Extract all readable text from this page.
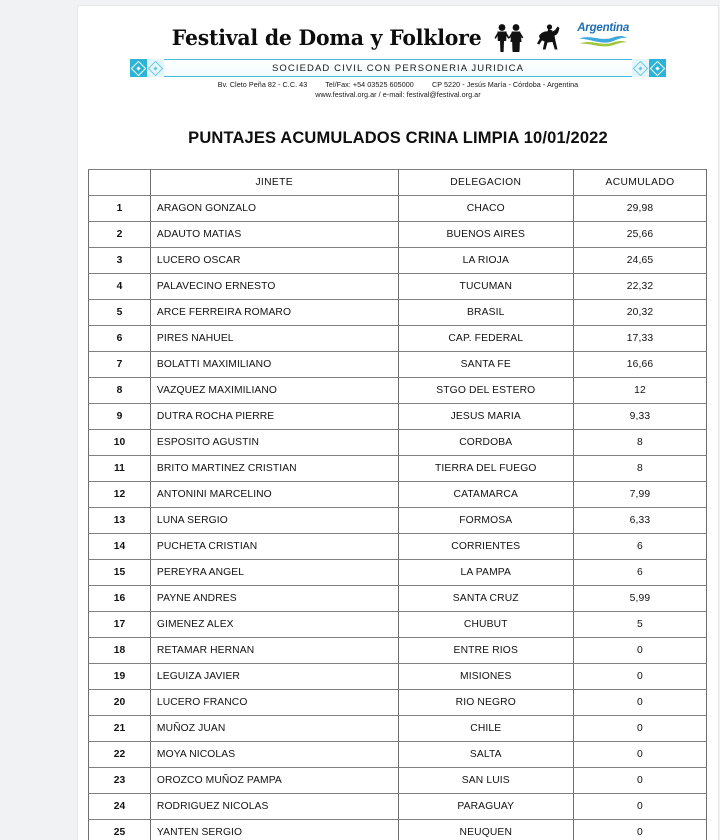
Festival de Doma y Folklore	Argentina
SOCIEDAD CIVIL CON PERSONERIA JURIDICA
Bv. Cleto Peña 82 - C.C. 43 Tel/Fax: +54 03525 605000	CP 5220 - Jesús María - Córdoba - Argentina
www.festival.org.ar / e-mail: festival@festival.org.ar
PUNTAJES ACUMULADOS CRINA LIMPIA 10/01/2022
	JINETE	DELEGACION	ACUMULADO
1	ARAGON GONZALO	CHACO	29,98
2	ADAUTO MATIAS	BUENOS AIRES	25,66
3	LUCERO OSCAR	LA RIOJA	24,65
4	PALAVECINO ERNESTO	TUCUMAN	22,32
5	ARCE FERREIRA ROMARO	BRASIL	20,32
6	PIRES NAHUEL	CAP. FEDERAL	17,33
7	BOLATTI MAXIMILIANO	SANTA FE	16,66
8	VAZQUEZ MAXIMILIANO	STGO DEL ESTERO	12
9	DUTRA ROCHA PIERRE	JESUS MARIA	9,33
10	ESPOSITO AGUSTIN	CORDOBA	8
11	BRITO MARTINEZ CRISTIAN	TIERRA DEL FUEGO	8
12	ANTONINI MARCELINO	CATAMARCA	7,99
13	LUNA SERGIO	FORMOSA	6,33
14	PUCHETA CRISTIAN	CORRIENTES	6
15	PEREYRA ANGEL	LA PAMPA	6
16	PAYNE ANDRES	SANTA CRUZ	5,99
17	GIMENEZ ALEX	CHUBUT	5
18	RETAMAR HERNAN	ENTRE RIOS	0
19	LEGUIZA JAVIER	MISIONES	0
20	LUCERO FRANCO	RIO NEGRO	0
21	MUÑOZ JUAN	CHILE	0
22	MOYA NICOLAS	SALTA	0
23	OROZCO MUÑOZ PAMPA	SAN LUIS	0
24	RODRIGUEZ NICOLAS	PARAGUAY	0
25	YANTEN SERGIO	NEUQUEN	0
